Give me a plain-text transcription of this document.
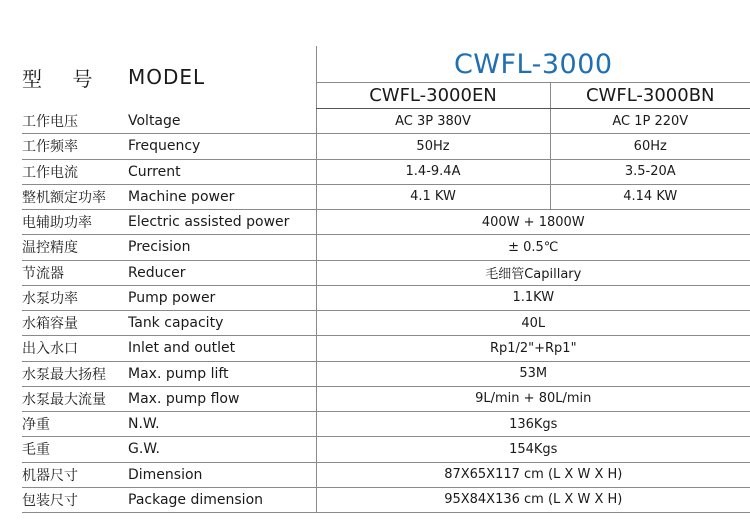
型 号	MODEL	CWFL-3000	
		CWFL-3000EN	CWFL-3000BN
工作电压	Voltage	AC 3P 380V	AC 1P 220V
工作频率	Frequency	50Hz	60Hz
工作电流	Current	1.4-9.4A	3.5-20A
整机额定功率	Machine power	4.1 KW	4.14 KW
电辅助功率	Electric assisted power	400W + 1800W	
温控精度	Precision	± 0.5℃	
节流器	Reducer	毛细管Capillary	
水泵功率	Pump power	1.1KW	
水箱容量	Tank capacity	40L	
出入水口	Inlet and outlet	Rp1/2"+Rp1"	
水泵最大扬程	Max. pump lift	53M	
水泵最大流量	Max. pump flow	9L/min + 80L/min	
净重	N.W.	136Kgs	
毛重	G.W.	154Kgs	
机器尺寸	Dimension	87X65X117 cm (L X W X H)	
包装尺寸	Package dimension	95X84X136 cm (L X W X H)	
